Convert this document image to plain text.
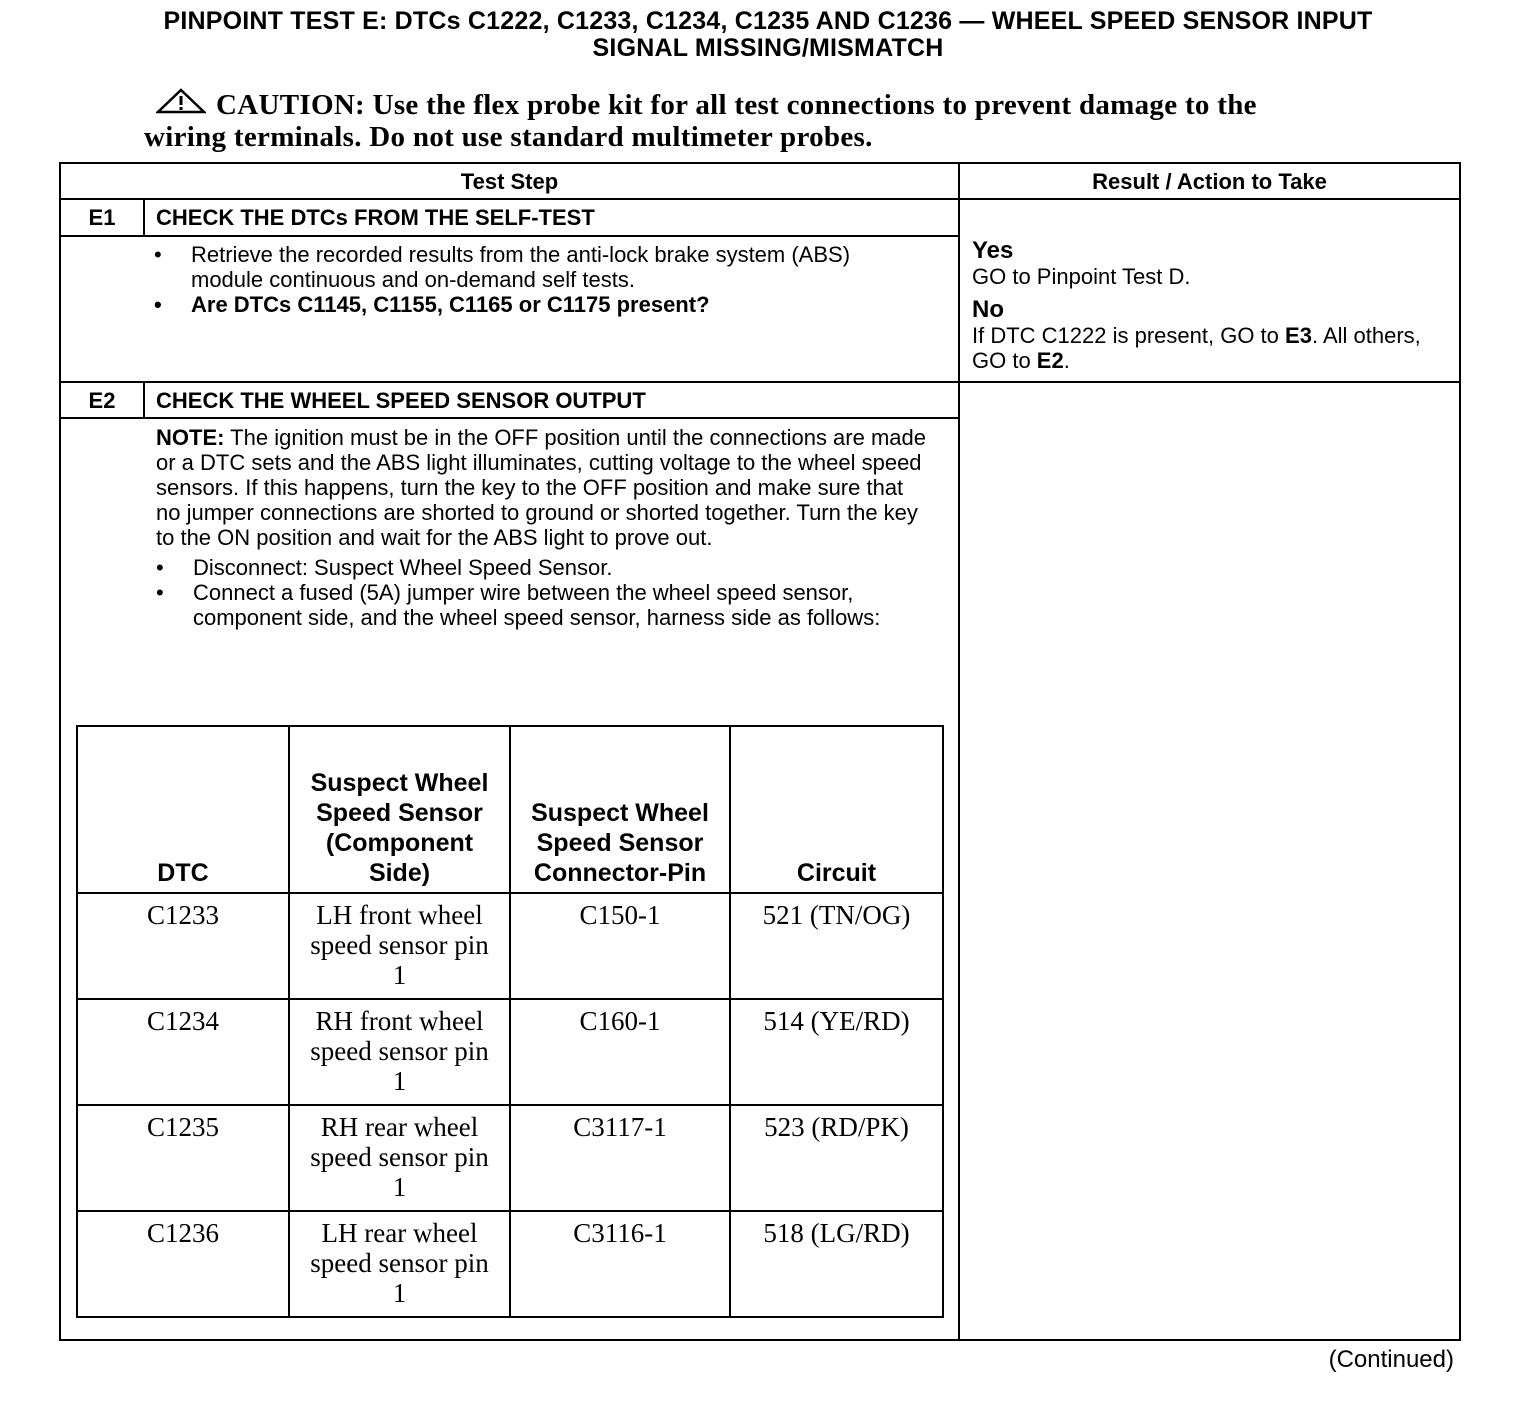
PINPOINT TEST E: DTCs C1222, C1233, C1234, C1235 AND C1236 — WHEEL SPEED SENSOR INPUT
SIGNAL MISSING/MISMATCH
CAUTION: Use the flex probe kit for all test connections to prevent damage to the
wiring terminals. Do not use standard multimeter probes.
Test Step	Result / Action to Take
E1	CHECK THE DTCs FROM THE SELF-TEST
• Retrieve the recorded results from the anti-lock brake system (ABS) module continuous and on-demand self tests.
• Are DTCs C1145, C1155, C1165 or C1175 present?
Yes
GO to Pinpoint Test D.
No
If DTC C1222 is present, GO to E3. All others, GO to E2.
E2	CHECK THE WHEEL SPEED SENSOR OUTPUT
NOTE: The ignition must be in the OFF position until the connections are made or a DTC sets and the ABS light illuminates, cutting voltage to the wheel speed sensors. If this happens, turn the key to the OFF position and make sure that no jumper connections are shorted to ground or shorted together. Turn the key to the ON position and wait for the ABS light to prove out.
• Disconnect: Suspect Wheel Speed Sensor.
• Connect a fused (5A) jumper wire between the wheel speed sensor, component side, and the wheel speed sensor, harness side as follows:
DTC	Suspect Wheel Speed Sensor (Component Side)	Suspect Wheel Speed Sensor Connector-Pin	Circuit
C1233	LH front wheel speed sensor pin 1	C150-1	521 (TN/OG)
C1234	RH front wheel speed sensor pin 1	C160-1	514 (YE/RD)
C1235	RH rear wheel speed sensor pin 1	C3117-1	523 (RD/PK)
C1236	LH rear wheel speed sensor pin 1	C3116-1	518 (LG/RD)
(Continued)
